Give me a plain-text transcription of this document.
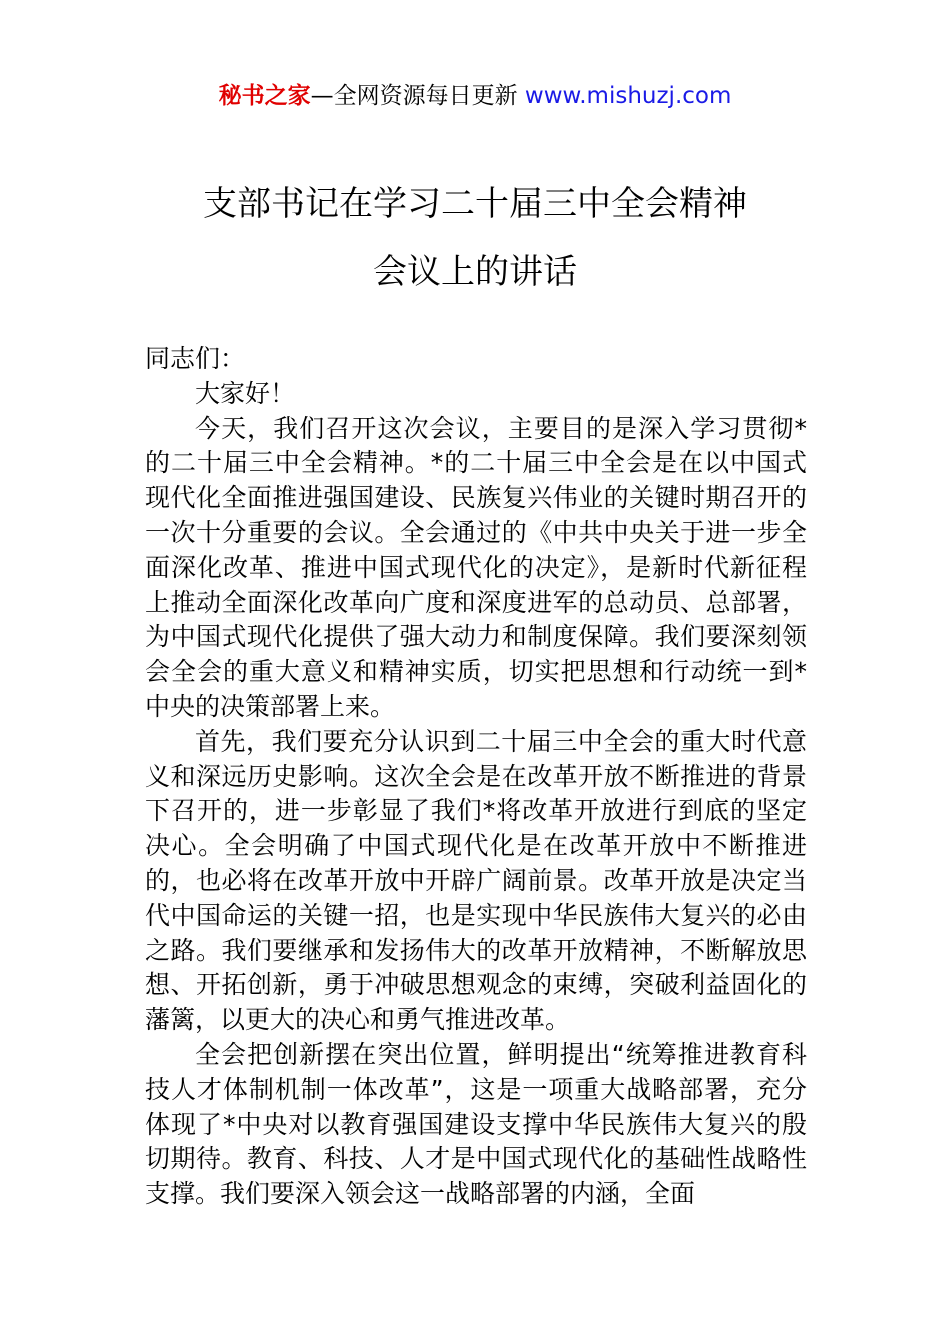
秘书之家—全网资源每日更新 www.mishuzj.com
支部书记在学习二十届三中全会精神
会议上的讲话

同志们：

大家好！

今天，我们召开这次会议，主要目的是深入学习贯彻*的二十届三中全会精神。*的二十届三中全会是在以中国式现代化全面推进强国建设、民族复兴伟业的关键时期召开的一次十分重要的会议。全会通过的《中共中央关于进一步全面深化改革、推进中国式现代化的决定》，是新时代新征程上推动全面深化改革向广度和深度进军的总动员、总部署，为中国式现代化提供了强大动力和制度保障。我们要深刻领会全会的重大意义和精神实质，切实把思想和行动统一到*中央的决策部署上来。

首先，我们要充分认识到二十届三中全会的重大时代意义和深远历史影响。这次全会是在改革开放不断推进的背景下召开的，进一步彰显了我们*将改革开放进行到底的坚定决心。全会明确了中国式现代化是在改革开放中不断推进的，也必将在改革开放中开辟广阔前景。改革开放是决定当代中国命运的关键一招，也是实现中华民族伟大复兴的必由之路。我们要继承和发扬伟大的改革开放精神，不断解放思想、开拓创新，勇于冲破思想观念的束缚，突破利益固化的藩篱，以更大的决心和勇气推进改革。

全会把创新摆在突出位置，鲜明提出“统筹推进教育科技人才体制机制一体改革”，这是一项重大战略部署，充分体现了*中央对以教育强国建设支撑中华民族伟大复兴的殷切期待。教育、科技、人才是中国式现代化的基础性战略性支撑。我们要深入领会这一战略部署的内涵，全面
